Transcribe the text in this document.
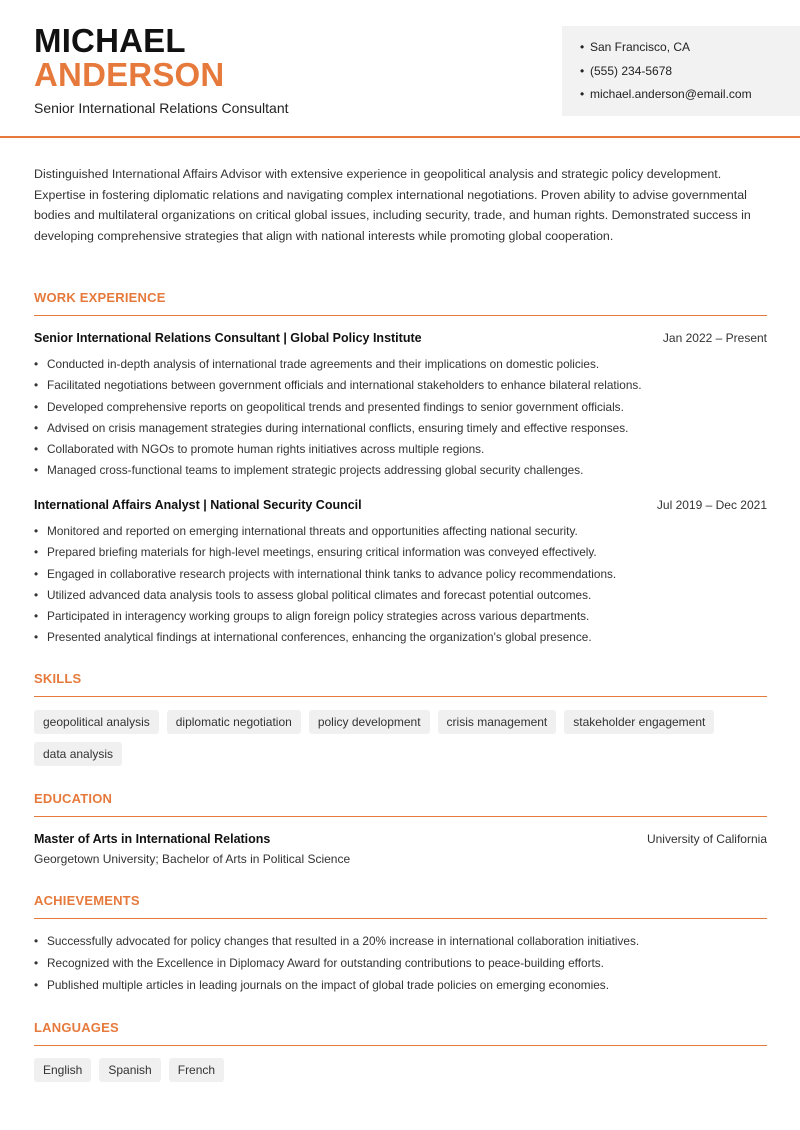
MICHAEL
ANDERSON
Senior International Relations Consultant
• San Francisco, CA
• (555) 234-5678
• michael.anderson@email.com

Distinguished International Affairs Advisor with extensive experience in geopolitical analysis and strategic policy development. Expertise in fostering diplomatic relations and navigating complex international negotiations. Proven ability to advise governmental bodies and multilateral organizations on critical global issues, including security, trade, and human rights. Demonstrated success in developing comprehensive strategies that align with national interests while promoting global cooperation.

WORK EXPERIENCE
Senior International Relations Consultant | Global Policy Institute	Jan 2022 – Present
• Conducted in-depth analysis of international trade agreements and their implications on domestic policies.
• Facilitated negotiations between government officials and international stakeholders to enhance bilateral relations.
• Developed comprehensive reports on geopolitical trends and presented findings to senior government officials.
• Advised on crisis management strategies during international conflicts, ensuring timely and effective responses.
• Collaborated with NGOs to promote human rights initiatives across multiple regions.
• Managed cross-functional teams to implement strategic projects addressing global security challenges.
International Affairs Analyst | National Security Council	Jul 2019 – Dec 2021
• Monitored and reported on emerging international threats and opportunities affecting national security.
• Prepared briefing materials for high-level meetings, ensuring critical information was conveyed effectively.
• Engaged in collaborative research projects with international think tanks to advance policy recommendations.
• Utilized advanced data analysis tools to assess global political climates and forecast potential outcomes.
• Participated in interagency working groups to align foreign policy strategies across various departments.
• Presented analytical findings at international conferences, enhancing the organization's global presence.
SKILLS
geopolitical analysis	diplomatic negotiation	policy development	crisis management	stakeholder engagement
data analysis
EDUCATION
Master of Arts in International Relations	University of California
Georgetown University; Bachelor of Arts in Political Science
ACHIEVEMENTS
• Successfully advocated for policy changes that resulted in a 20% increase in international collaboration initiatives.
• Recognized with the Excellence in Diplomacy Award for outstanding contributions to peace-building efforts.
• Published multiple articles in leading journals on the impact of global trade policies on emerging economies.
LANGUAGES
English	Spanish	French
